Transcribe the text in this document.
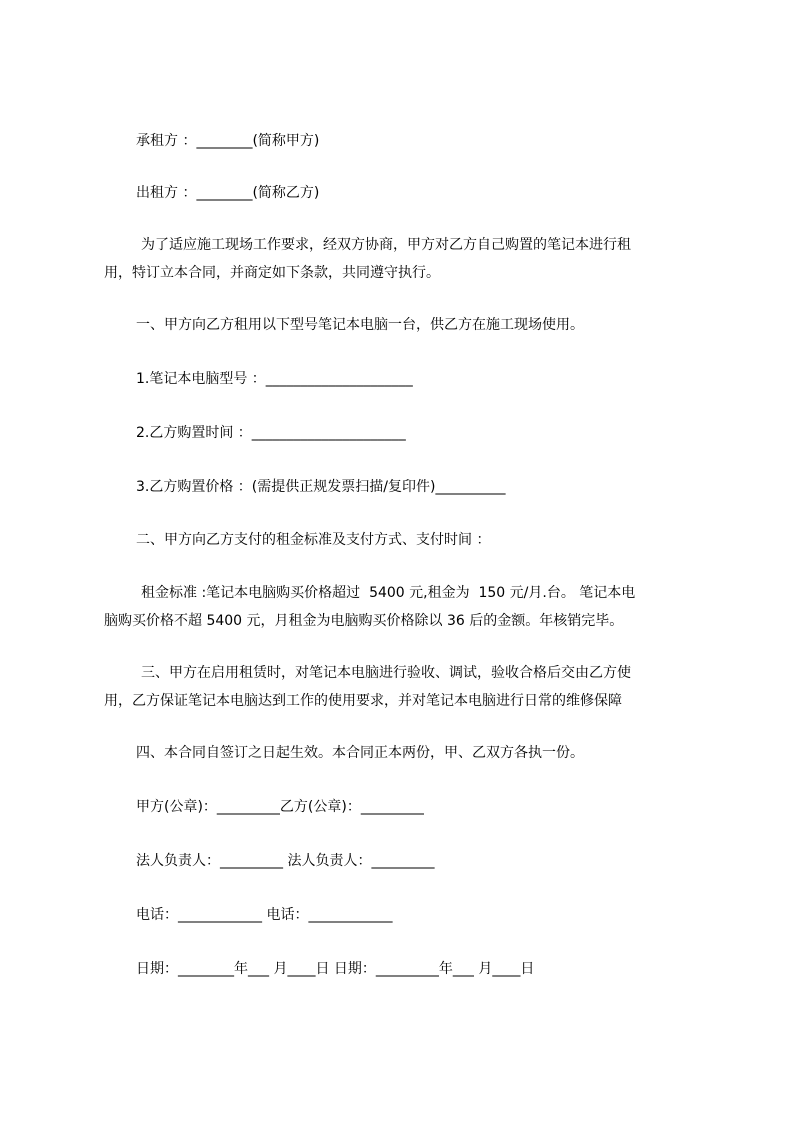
承租方 ：________(简称甲方)
出租方 ：________(简称乙方)
为了适应施工现场工作要求，经双方协商，甲方对乙方自己购置的笔记本进行租
用，特订立本合同，并商定如下条款，共同遵守执行。
一、甲方向乙方租用以下型号笔记本电脑一台，供乙方在施工现场使用。
1.笔记本电脑型号 ：_____________________
2.乙方购置时间 ：______________________
3.乙方购置价格 ：(需提供正规发票扫描/复印件)__________
二、甲方向乙方支付的租金标准及支付方式、支付时间 ：
租金标准 :笔记本电脑购买价格超过  5400 元,租金为  150 元/月.台。 笔记本电
脑购买价格不超 5400 元，月租金为电脑购买价格除以 36 后的金额。年核销完毕。
三、甲方在启用租赁时，对笔记本电脑进行验收、调试，验收合格后交由乙方使
用，乙方保证笔记本电脑达到工作的使用要求，并对笔记本电脑进行日常的维修保障
四、本合同自签订之日起生效。本合同正本两份，甲、乙双方各执一份。
甲方(公章)：_________乙方(公章)：_________
法人负责人：_________ 法人负责人：_________
电话：____________ 电话：____________
日期：________年___ 月____日 日期：_________年___ 月____日
